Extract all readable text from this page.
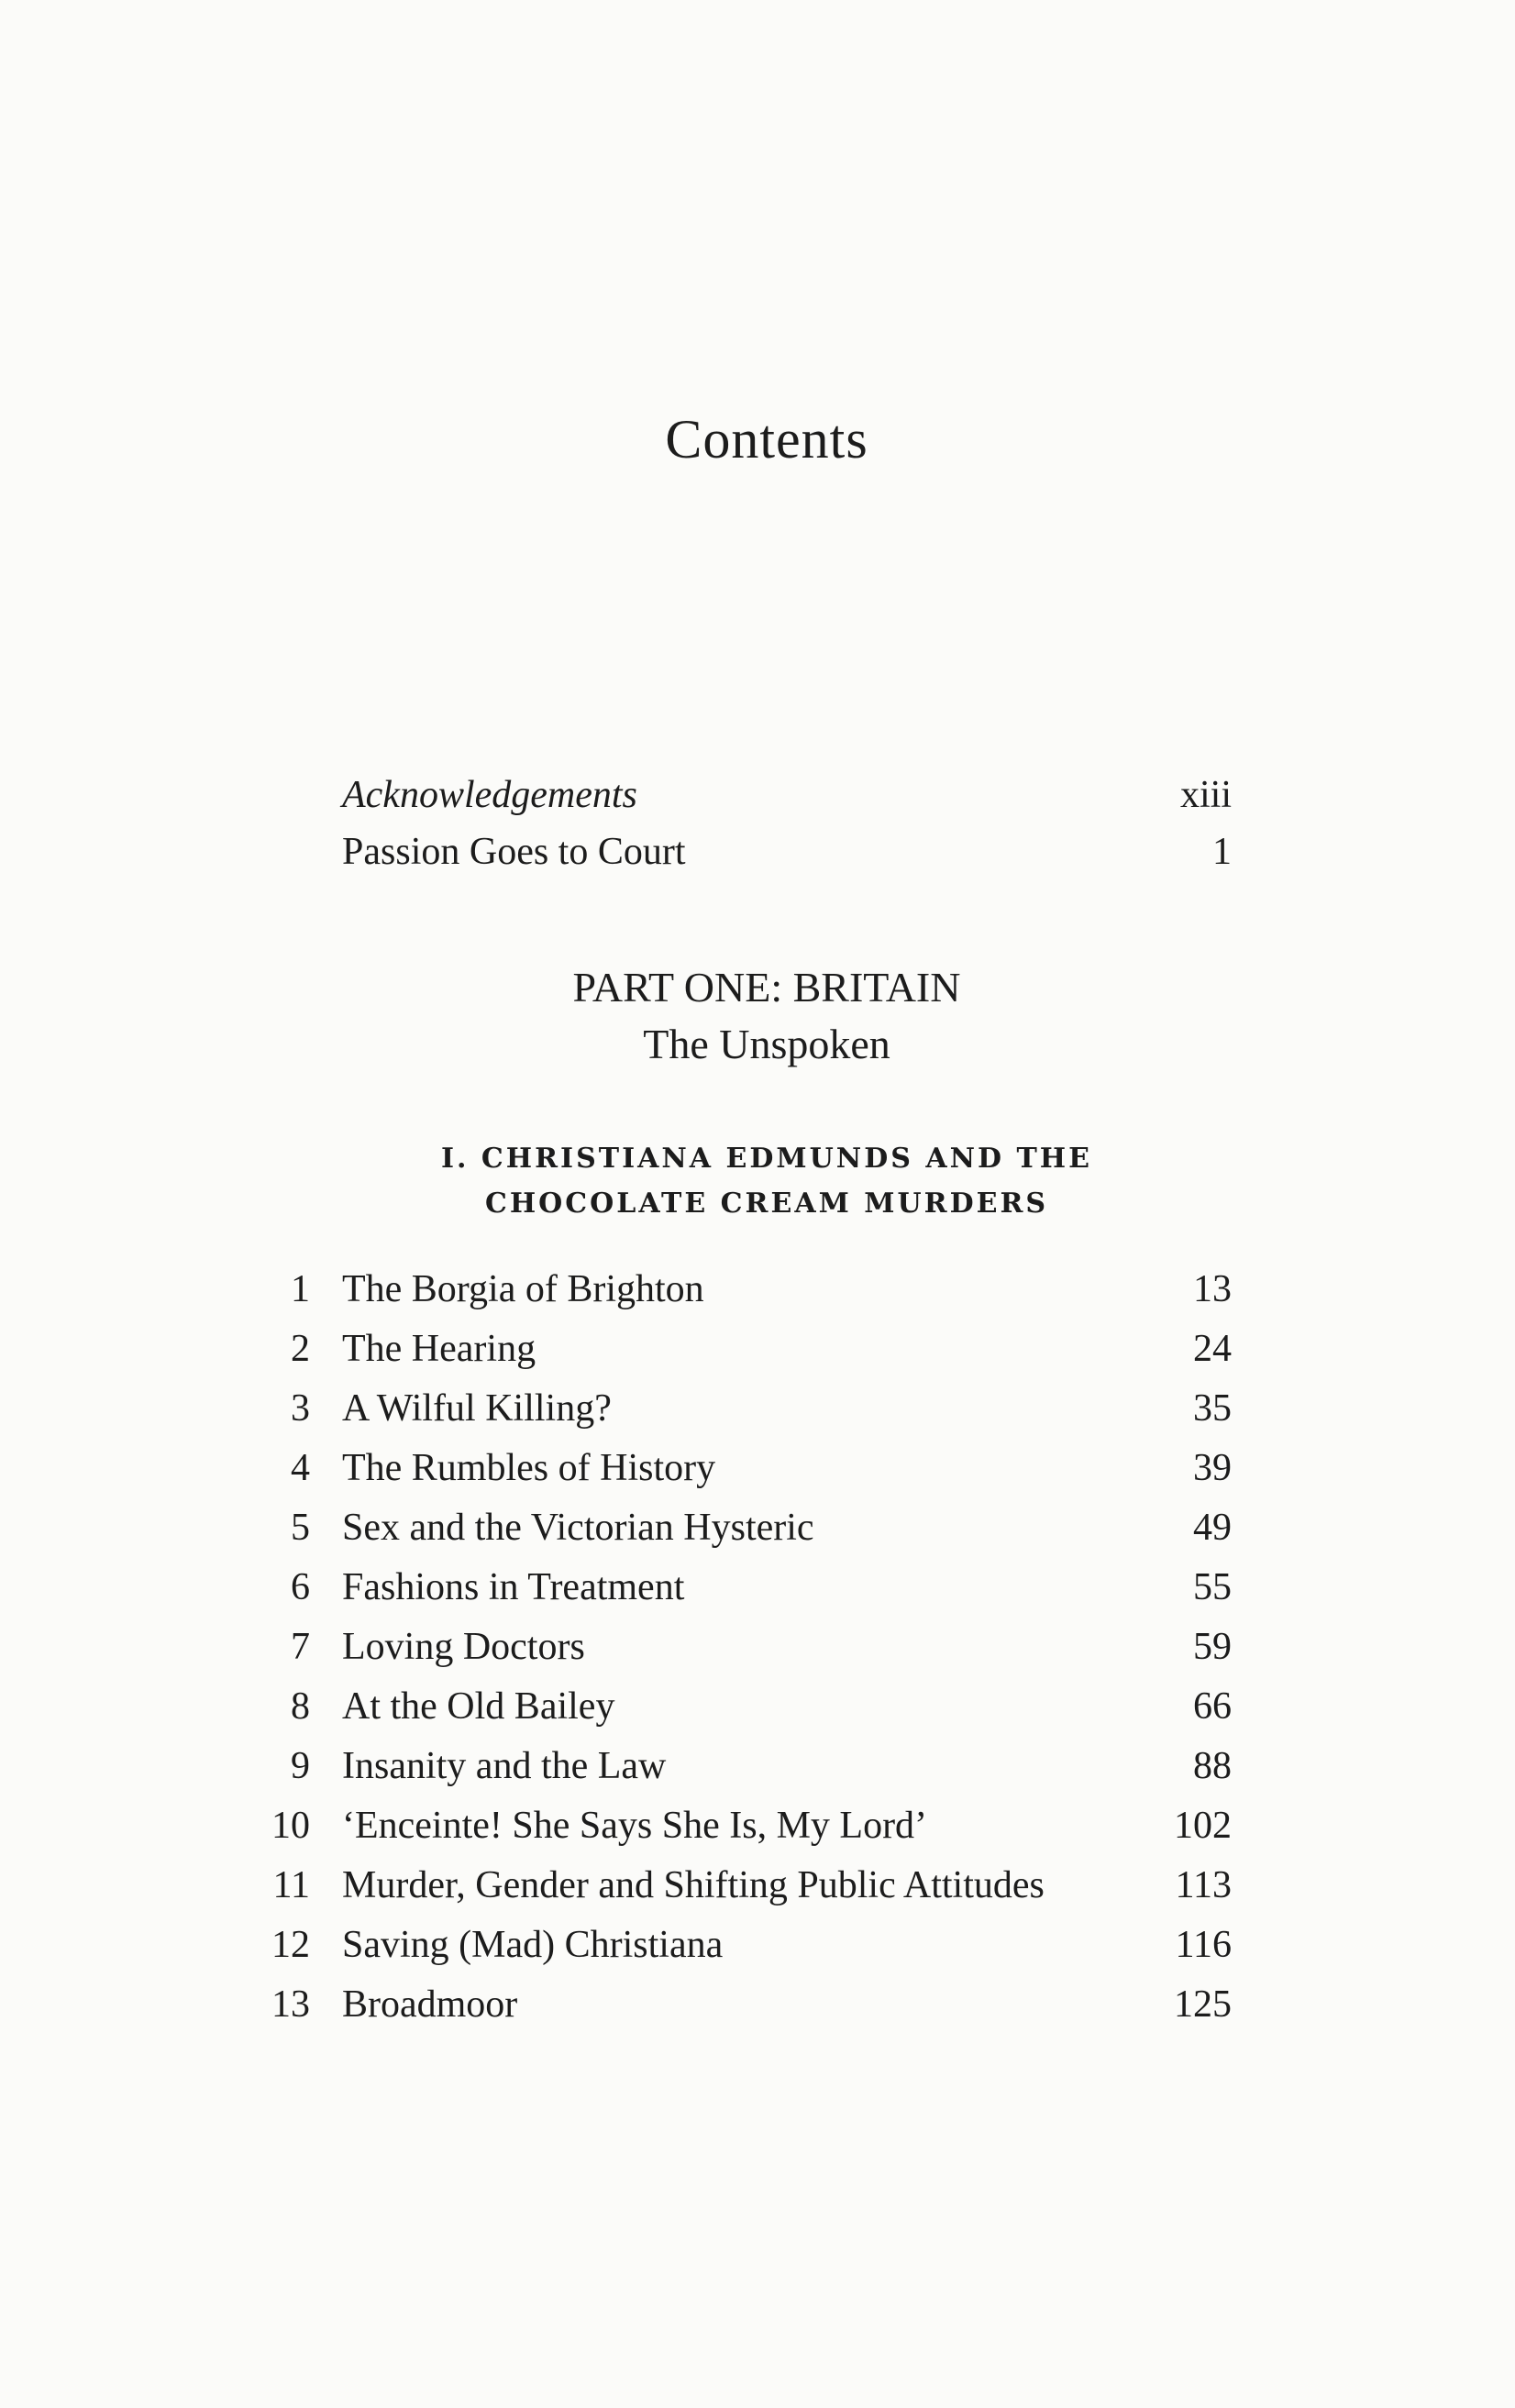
Contents
Acknowledgements	xiii
Passion Goes to Court	1
PART ONE: BRITAIN
The Unspoken
I. CHRISTIANA EDMUNDS AND THE
CHOCOLATE CREAM MURDERS
1 The Borgia of Brighton	13
2 The Hearing	24
3 A Wilful Killing?	35
4 The Rumbles of History	39
5 Sex and the Victorian Hysteric	49
6 Fashions in Treatment	55
7 Loving Doctors	59
8 At the Old Bailey	66
9 Insanity and the Law	88
10 ‘Enceinte! She Says She Is, My Lord’	102
11 Murder, Gender and Shifting Public Attitudes	113
12 Saving (Mad) Christiana	116
13 Broadmoor	125
